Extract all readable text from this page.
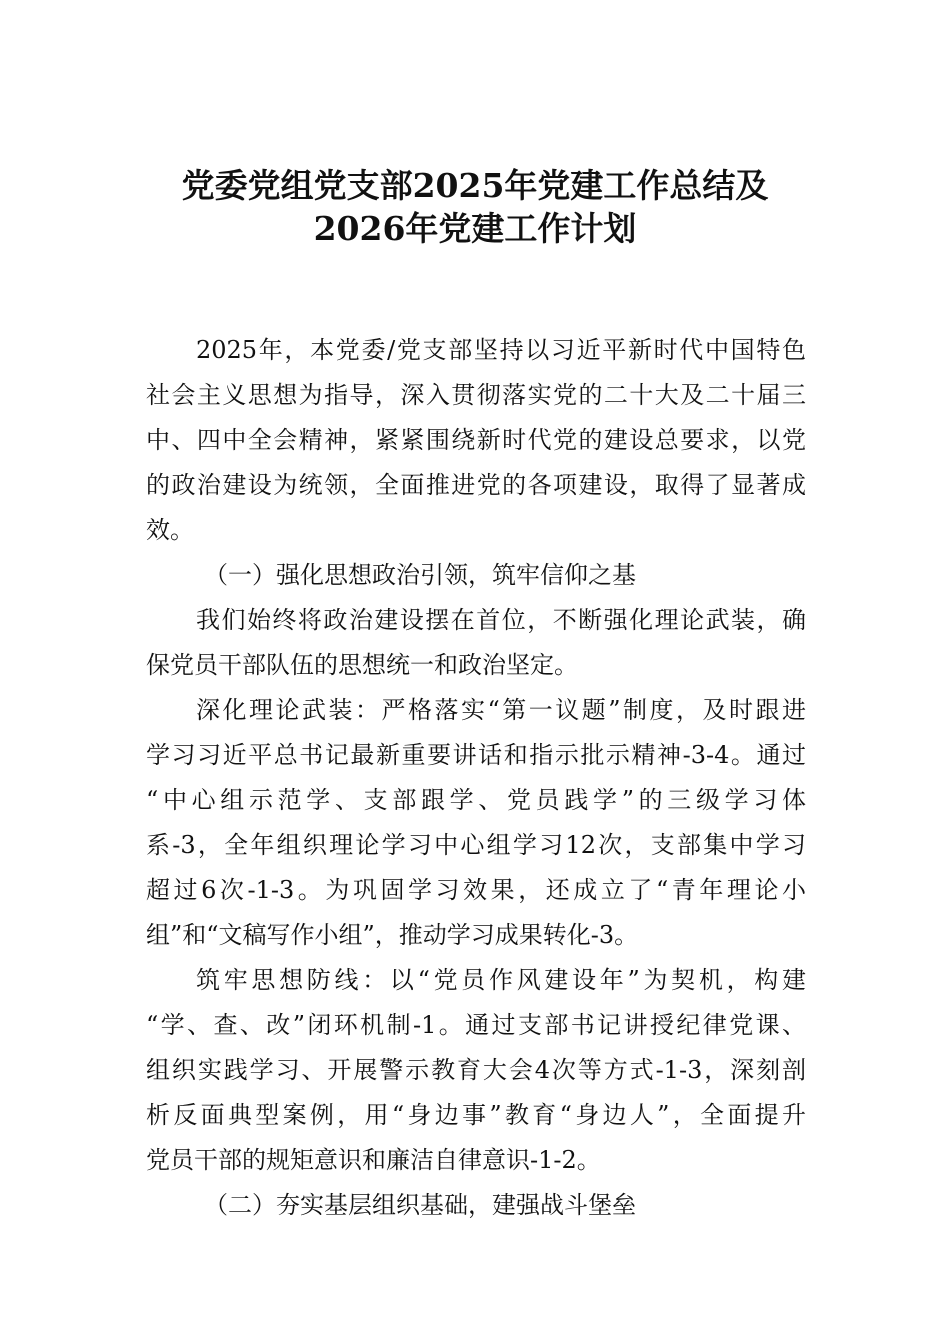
党委党组党支部2025年党建工作总结及
2026年党建工作计划
2025年，本党委/党支部坚持以习近平新时代中国特色
社会主义思想为指导，深入贯彻落实党的二十大及二十届三
中、四中全会精神，紧紧围绕新时代党的建设总要求，以党
的政治建设为统领，全面推进党的各项建设，取得了显著成
效。
（一）强化思想政治引领，筑牢信仰之基
我们始终将政治建设摆在首位，不断强化理论武装，确
保党员干部队伍的思想统一和政治坚定。
深化理论武装：严格落实“第一议题”制度，及时跟进
学习习近平总书记最新重要讲话和指示批示精神-3-4。通过
“中心组示范学、支部跟学、党员践学”的三级学习体
系-3，全年组织理论学习中心组学习12次，支部集中学习
超过6次-1-3。为巩固学习效果，还成立了“青年理论小
组”和“文稿写作小组”，推动学习成果转化-3。
筑牢思想防线：以“党员作风建设年”为契机，构建
“学、查、改”闭环机制-1。通过支部书记讲授纪律党课、
组织实践学习、开展警示教育大会4次等方式-1-3，深刻剖
析反面典型案例，用“身边事”教育“身边人”，全面提升
党员干部的规矩意识和廉洁自律意识-1-2。
（二）夯实基层组织基础，建强战斗堡垒
